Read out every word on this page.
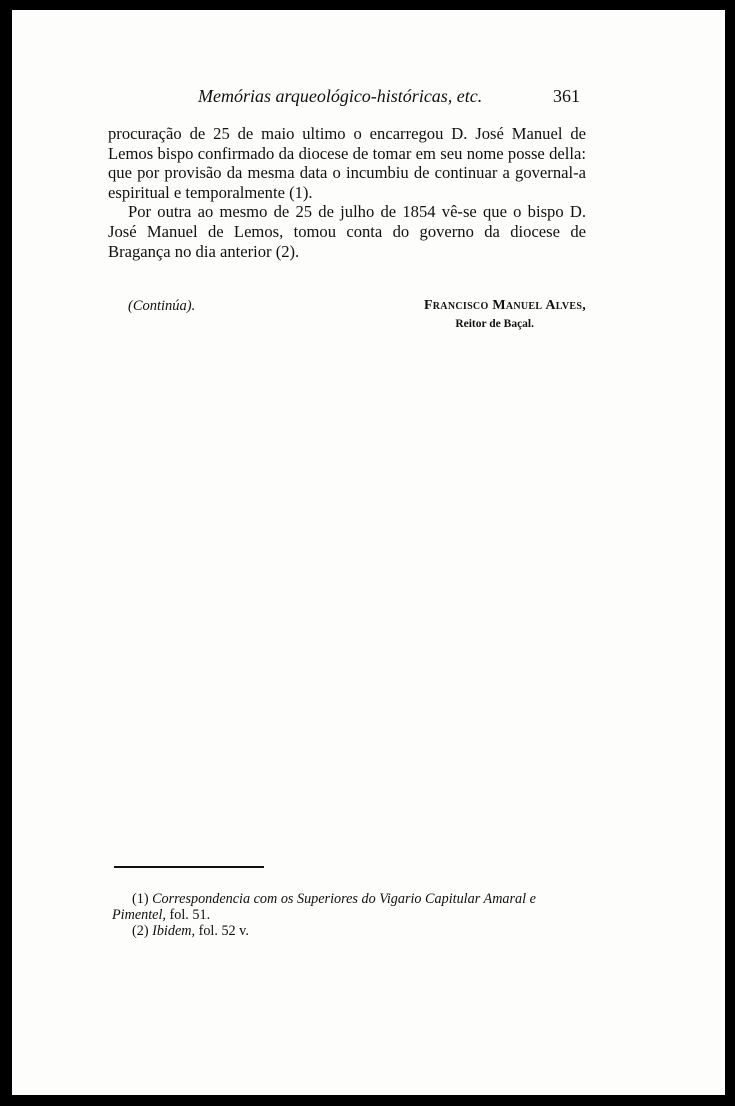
Memórias arqueológico-históricas, etc.	361

procuração de 25 de maio ultimo o encarregou D. José Manuel de Lemos bispo confirmado da diocese de tomar em seu nome posse della: que por provisão da mesma data o incumbiu de continuar a governal-a espiritual e temporalmente (1).

Por outra ao mesmo de 25 de julho de 1854 vê-se que o bispo D. José Manuel de Lemos, tomou conta do governo da diocese de Bragança no dia anterior (2).

(Continúa).	Francisco Manuel Alves,
Reitor de Baçal.

(1) Correspondencia com os Superiores do Vigario Capitular Amaral e Pimentel, fol. 51.

(2) Ibidem, fol. 52 v.
